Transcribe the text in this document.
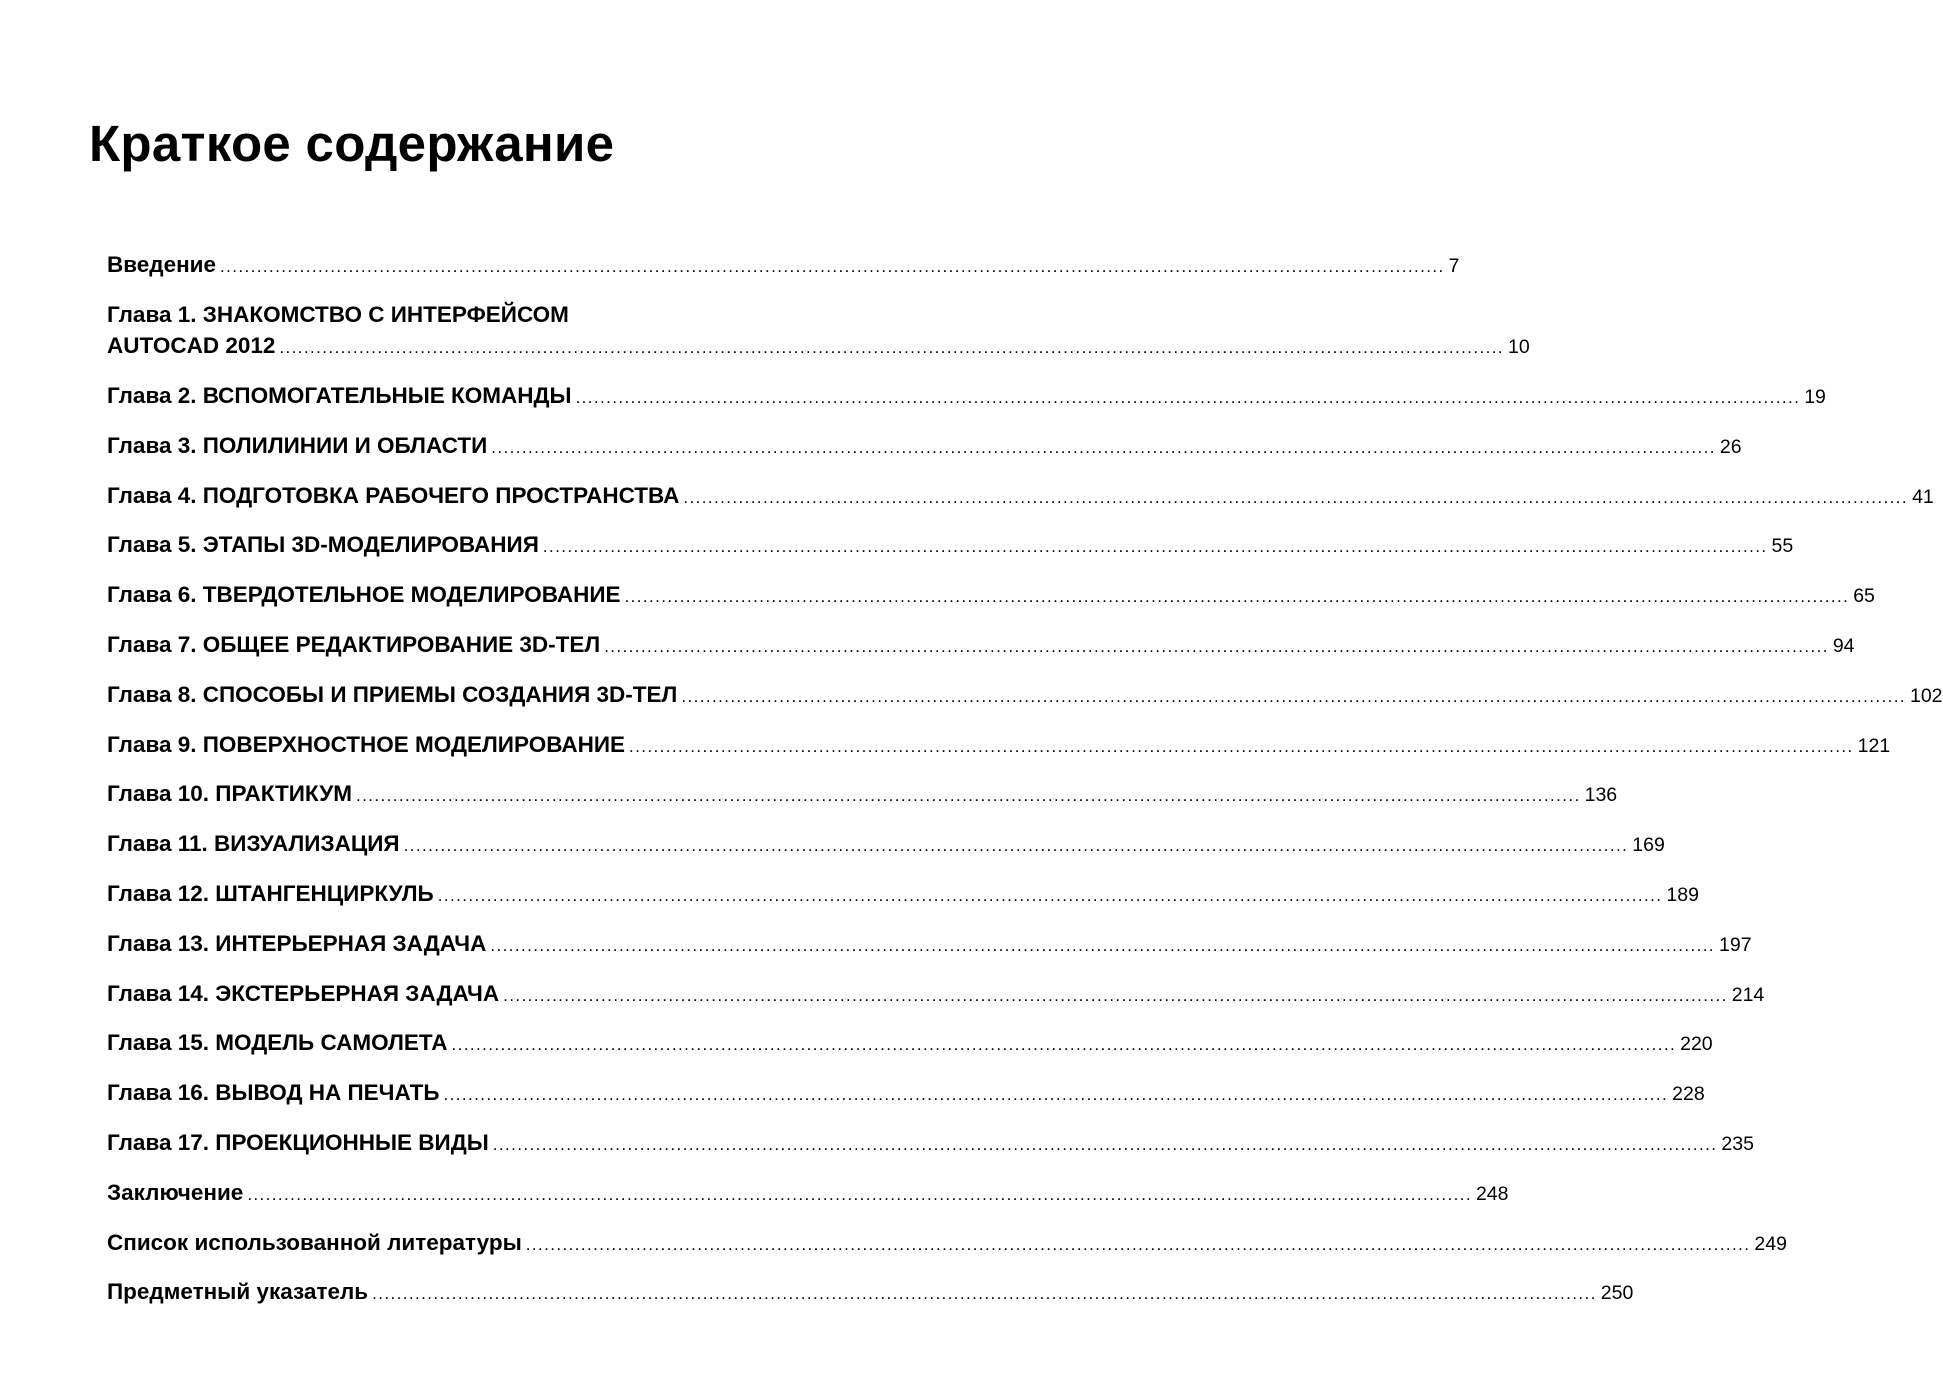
Краткое содержание
Введение ........................................................................................................................................................................................................ 7
Глава 1. ЗНАКОМСТВО С ИНТЕРФЕЙСОМ
AUTOCAD 2012 ........................................................................................................................................................................................................ 10
Глава 2. ВСПОМОГАТЕЛЬНЫЕ КОМАНДЫ ........................................................................................................................................................................................................ 19
Глава 3. ПОЛИЛИНИИ И ОБЛАСТИ ........................................................................................................................................................................................................ 26
Глава 4. ПОДГОТОВКА РАБОЧЕГО ПРОСТРАНСТВА ........................................................................................................................................................................................................ 41
Глава 5. ЭТАПЫ 3D-МОДЕЛИРОВАНИЯ ........................................................................................................................................................................................................ 55
Глава 6. ТВЕРДОТЕЛЬНОЕ МОДЕЛИРОВАНИЕ ........................................................................................................................................................................................................ 65
Глава 7. ОБЩЕЕ РЕДАКТИРОВАНИЕ 3D-ТЕЛ ........................................................................................................................................................................................................ 94
Глава 8. СПОСОБЫ И ПРИЕМЫ СОЗДАНИЯ 3D-ТЕЛ ........................................................................................................................................................................................................ 102
Глава 9. ПОВЕРХНОСТНОЕ МОДЕЛИРОВАНИЕ ........................................................................................................................................................................................................ 121
Глава 10. ПРАКТИКУМ ........................................................................................................................................................................................................ 136
Глава 11. ВИЗУАЛИЗАЦИЯ ........................................................................................................................................................................................................ 169
Глава 12. ШТАНГЕНЦИРКУЛЬ ........................................................................................................................................................................................................ 189
Глава 13. ИНТЕРЬЕРНАЯ ЗАДАЧА ........................................................................................................................................................................................................ 197
Глава 14. ЭКСТЕРЬЕРНАЯ ЗАДАЧА ........................................................................................................................................................................................................ 214
Глава 15. МОДЕЛЬ САМОЛЕТА ........................................................................................................................................................................................................ 220
Глава 16. ВЫВОД НА ПЕЧАТЬ ........................................................................................................................................................................................................ 228
Глава 17. ПРОЕКЦИОННЫЕ ВИДЫ ........................................................................................................................................................................................................ 235
Заключение ........................................................................................................................................................................................................ 248
Список использованной литературы ........................................................................................................................................................................................................ 249
Предметный указатель ........................................................................................................................................................................................................ 250
